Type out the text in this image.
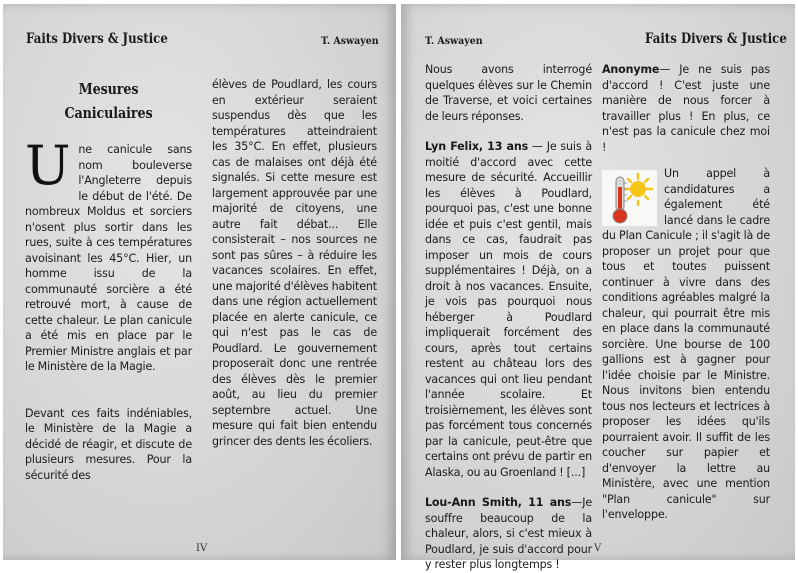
Faits Divers & Justice	T. Aswayen
Mesures
Caniculaires

Une canicule sans nom bouleverse l'Angleterre depuis le début de l'été. De nombreux Moldus et sorciers n'osent plus sortir dans les rues, suite à ces températures avoisinant les 45°C. Hier, un homme issu de la communauté sorcière a été retrouvé mort, à cause de cette chaleur. Le plan canicule a été mis en place par le Premier Ministre anglais et par le Ministère de la Magie.

Devant ces faits indéniables, le Ministère de la Magie a décidé de réagir, et discute de plusieurs mesures. Pour la sécurité des

élèves de Poudlard, les cours en extérieur seraient suspendus dès que les températures atteindraient les 35°C. En effet, plusieurs cas de malaises ont déjà été signalés. Si cette mesure est largement approuvée par une majorité de citoyens, une autre fait débat... Elle consisterait – nos sources ne sont pas sûres – à réduire les vacances scolaires. En effet, une majorité d'élèves habitent dans une région actuellement placée en alerte canicule, ce qui n'est pas le cas de Poudlard. Le gouvernement proposerait donc une rentrée des élèves dès le premier août, au lieu du premier septembre actuel. Une mesure qui fait bien entendu grincer des dents les écoliers.

IV
T. Aswayen	Faits Divers & Justice

Nous avons interrogé quelques élèves sur le Chemin de Traverse, et voici certaines de leurs réponses.

Lyn Felix, 13 ans — Je suis à moitié d'accord avec cette mesure de sécurité. Accueillir les élèves à Poudlard, pourquoi pas, c'est une bonne idée et puis c'est gentil, mais dans ce cas, faudrait pas imposer un mois de cours supplémentaires ! Déjà, on a droit à nos vacances. Ensuite, je vois pas pourquoi nous héberger à Poudlard impliquerait forcément des cours, après tout certains restent au château lors des vacances qui ont lieu pendant l'année scolaire. Et troisièmement, les élèves sont pas forcément tous concernés par la canicule, peut-être que certains ont prévu de partir en Alaska, ou au Groenland ! [...]

Lou-Ann Smith, 11 ans—Je souffre beaucoup de la chaleur, alors, si c'est mieux à Poudlard, je suis d'accord pour y rester plus longtemps !

Anonyme— Je ne suis pas d'accord ! C'est juste une manière de nous forcer à travailler plus ! En plus, ce n'est pas la canicule chez moi !

Un appel à candidatures a également été lancé dans le cadre du Plan Canicule ; il s'agit là de proposer un projet pour que tous et toutes puissent continuer à vivre dans des conditions agréables malgré la chaleur, qui pourrait être mis en place dans la communauté sorcière. Une bourse de 100 gallions est à gagner pour l'idée choisie par le Ministre. Nous invitons bien entendu tous nos lecteurs et lectrices à proposer les idées qu'ils pourraient avoir. Il suffit de les coucher sur papier et d'envoyer la lettre au Ministère, avec une mention "Plan canicule" sur l'enveloppe.

V
